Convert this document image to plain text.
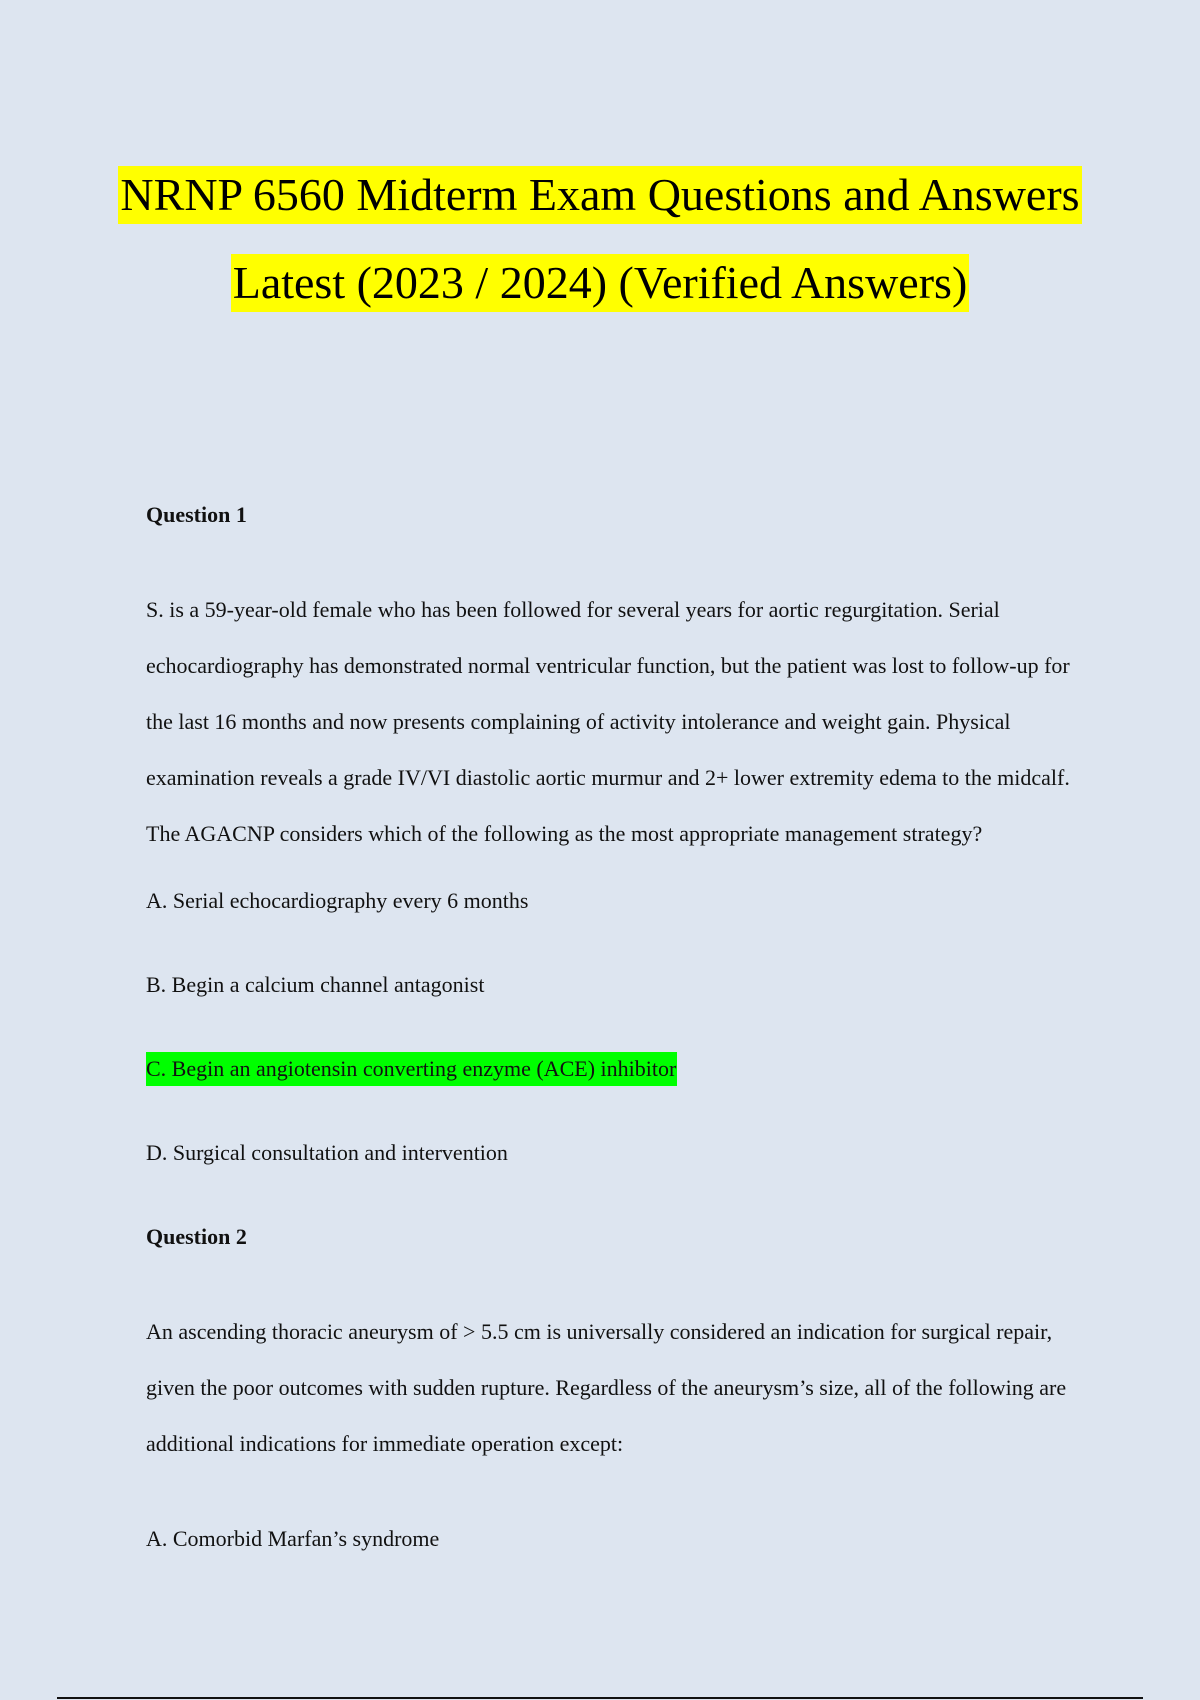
NRNP 6560 Midterm Exam Questions and Answers
Latest (2023 / 2024) (Verified Answers)

Question 1

S. is a 59-year-old female who has been followed for several years for aortic regurgitation. Serial echocardiography has demonstrated normal ventricular function, but the patient was lost to follow-up for the last 16 months and now presents complaining of activity intolerance and weight gain. Physical examination reveals a grade IV/VI diastolic aortic murmur and 2+ lower extremity edema to the midcalf. The AGACNP considers which of the following as the most appropriate management strategy?

A. Serial echocardiography every 6 months

B. Begin a calcium channel antagonist

C. Begin an angiotensin converting enzyme (ACE) inhibitor

D. Surgical consultation and intervention

Question 2

An ascending thoracic aneurysm of > 5.5 cm is universally considered an indication for surgical repair, given the poor outcomes with sudden rupture. Regardless of the aneurysm’s size, all of the following are additional indications for immediate operation except:

A. Comorbid Marfan’s syndrome
